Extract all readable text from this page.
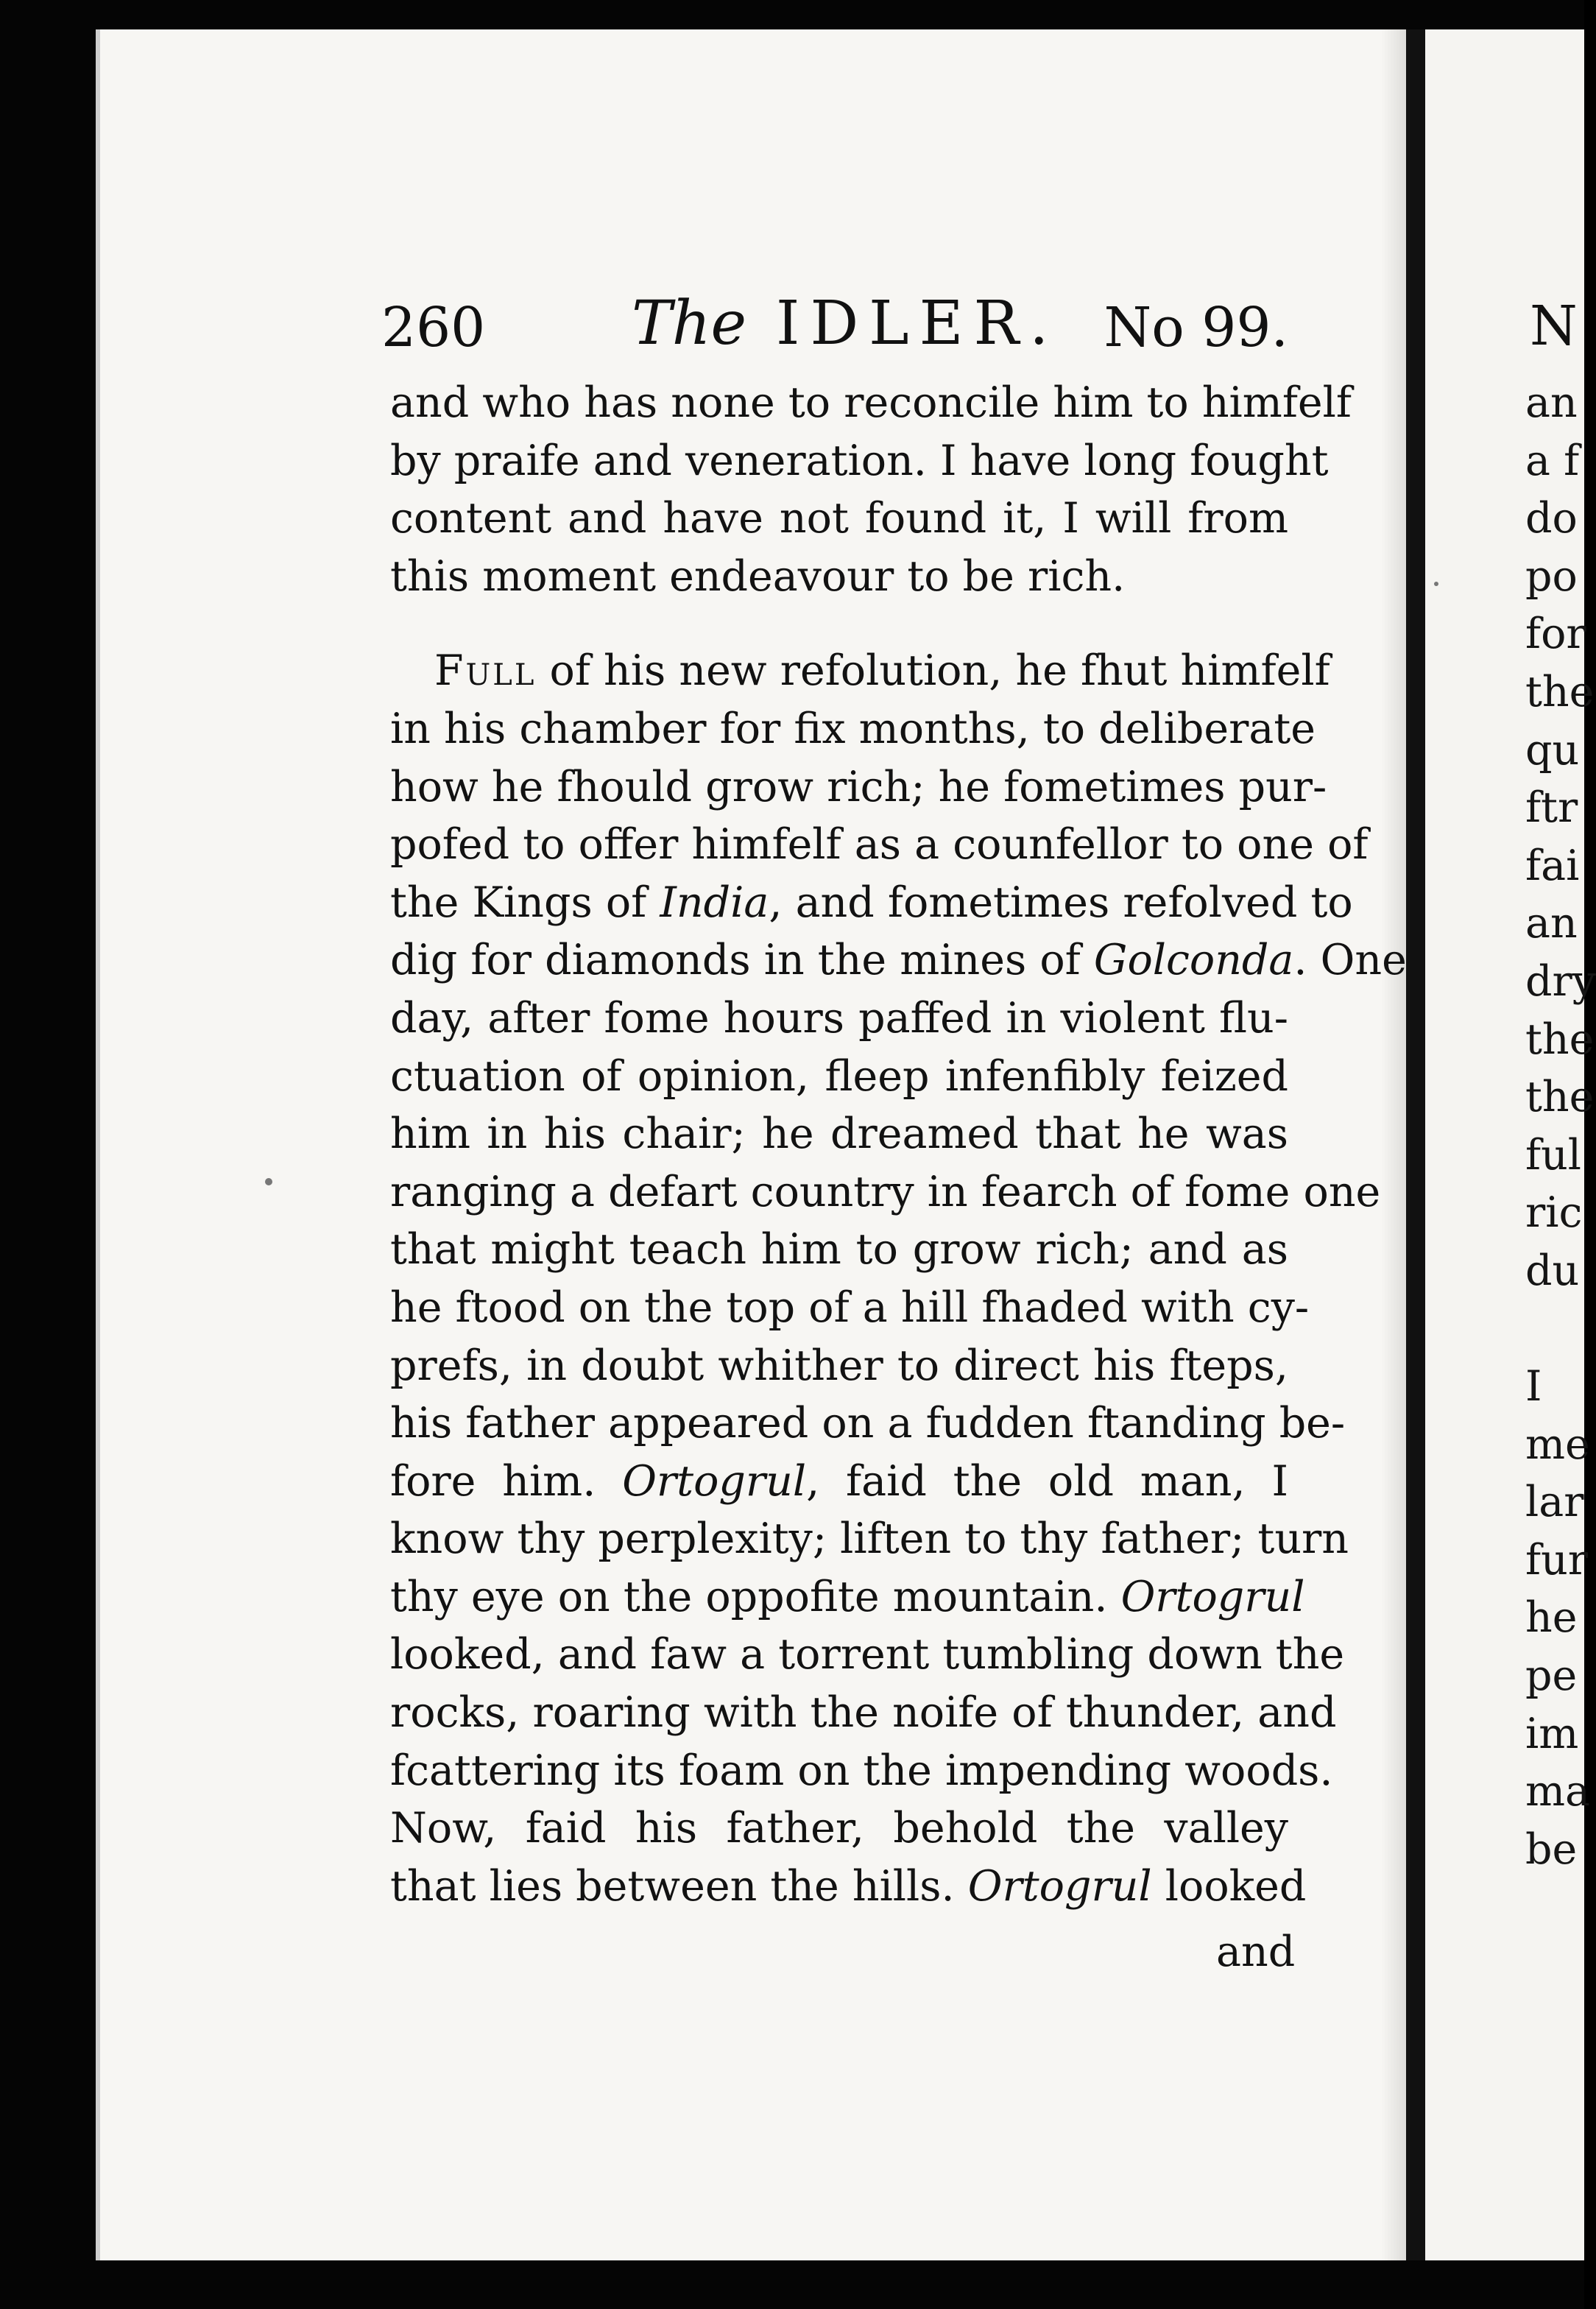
260 The IDLER. No 99.
and who has none to reconcile him to himfelf
by praife and veneration. I have long fought
content and have not found it, I will from
this moment endeavour to be rich.
Full of his new refolution, he fhut himfelf
in his chamber for fix months, to deliberate
how he fhould grow rich; he fometimes pur-
pofed to offer himfelf as a counfellor to one of
the Kings of India, and fometimes refolved to
dig for diamonds in the mines of Golconda
day, after fome hours paffed in violent flu-
ctuation of opinion, fleep infenfibly feized
him in his chair; he dreamed that he was
ranging a defart country in fearch of fome one
that might teach him to grow rich; and as
he ftood on the top of a hill fhaded with cy-
prefs, in doubt whither to direct his fteps,
his father appeared on a fudden ftanding be-
fore him. Ortogrul, faid the old man, I
know thy perplexity; liften to thy father; turn
thy eye on the oppofite mountain. Ortogrul
looked, and faw a torrent tumbling down the
rocks, roaring with the noife of thunder, and
fcattering its foam on the impending woods.
Now, faid his father, behold the valley
that lies between the hills. Ortogrul looked
and
N
an
a f
do
po
for
the
qu
ftr
fai
an
dry
the
the
ful
ric
du
I
me
lar
fur
he
pe
im
ma
be
